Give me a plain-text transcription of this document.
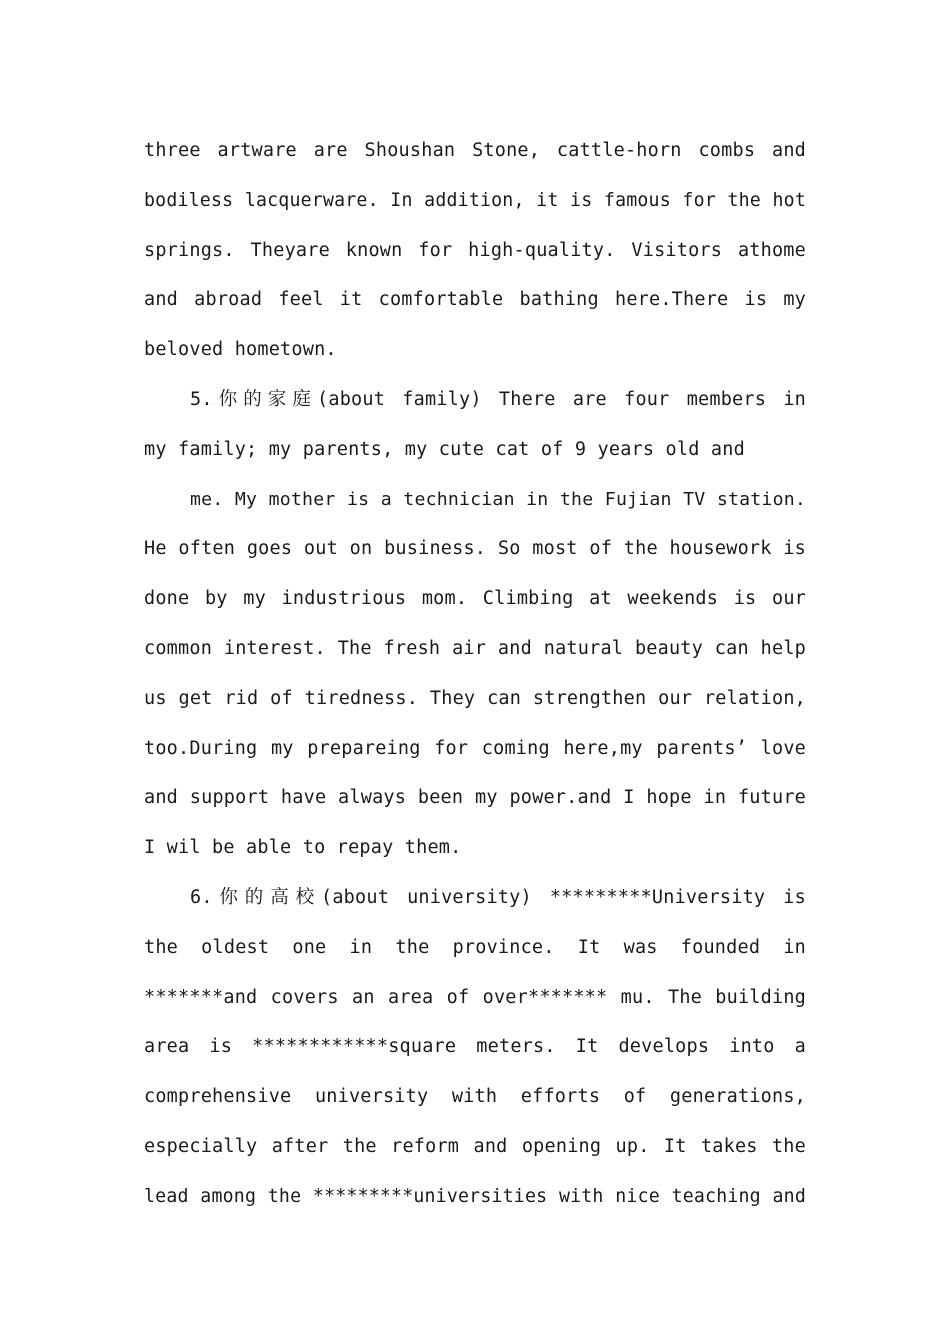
three artware are Shoushan Stone, cattle-horn combs and
bodiless lacquerware. In addition, it is famous for the hot
springs. Theyare known for high-quality. Visitors athome
and abroad feel it comfortable bathing here.There is my
beloved hometown.
5.你的家庭(about family) There are four members in
my family; my parents, my cute cat of 9 years old and
me. My mother is a technician in the Fujian TV station.
He often goes out on business. So most of the housework is
done by my industrious mom. Climbing at weekends is our
common interest. The fresh air and natural beauty can help
us get rid of tiredness. They can strengthen our relation,
too.During my prepareing for coming here,my parents’ love
and support have always been my power.and I hope in future
I wil be able to repay them.
6.你的高校(about university) *********University is
the oldest one in the province. It was founded in
*******and covers an area of over******* mu. The building
area is ************square meters. It develops into a
comprehensive university with efforts of generations,
especially after the reform and opening up. It takes the
lead among the *********universities with nice teaching and
